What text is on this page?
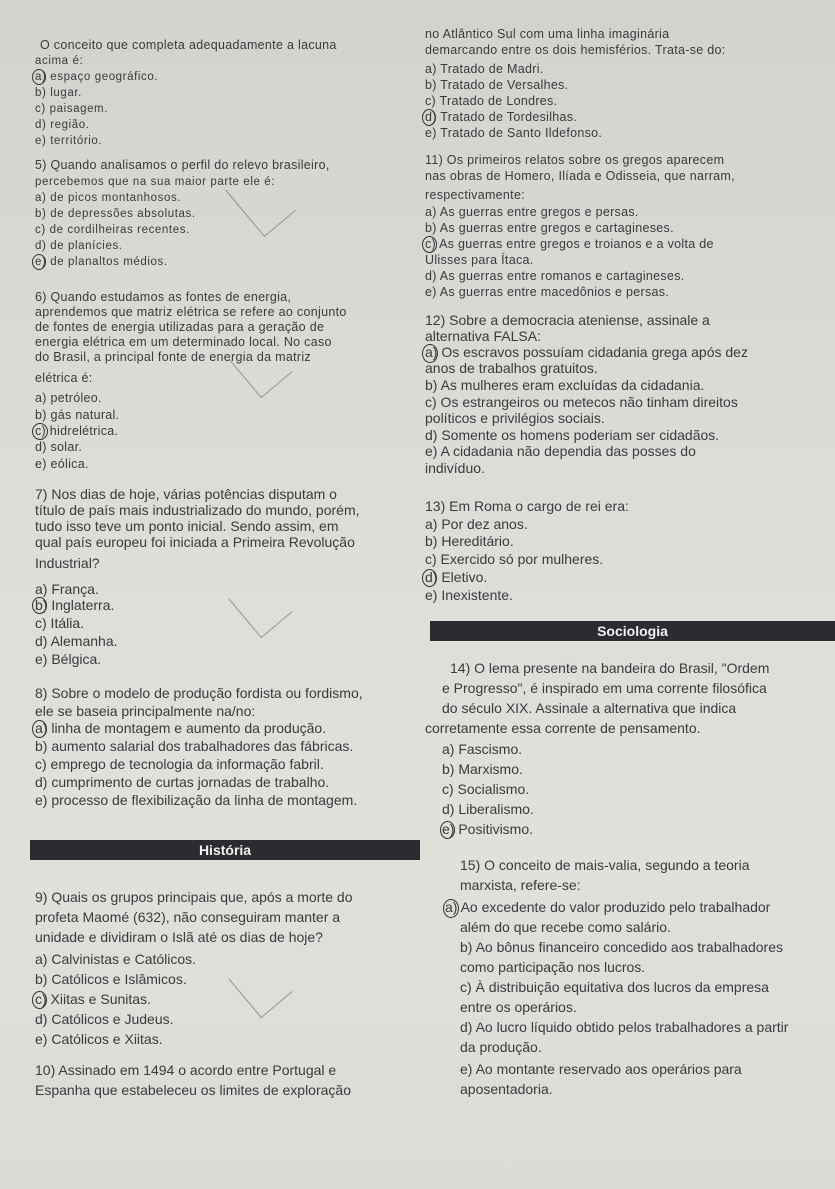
O conceito que completa adequadamente a lacuna
acima é:
a) espaço geográfico.
b) lugar.
c) paisagem.
d) região.
e) território.
5) Quando analisamos o perfil do relevo brasileiro,
percebemos que na sua maior parte ele é:
a) de picos montanhosos.
b) de depressões absolutas.
c) de cordilheiras recentes.
d) de planícies.
e) de planaltos médios.
6) Quando estudamos as fontes de energia,
aprendemos que matriz elétrica se refere ao conjunto
de fontes de energia utilizadas para a geração de
energia elétrica em um determinado local. No caso
do Brasil, a principal fonte de energia da matriz
elétrica é:
a) petróleo.
b) gás natural.
c) hidrelétrica.
d) solar.
e) eólica.
7) Nos dias de hoje, várias potências disputam o
título de país mais industrializado do mundo, porém,
tudo isso teve um ponto inicial. Sendo assim, em
qual país europeu foi iniciada a Primeira Revolução
Industrial?
a) França.
b) Inglaterra.
c) Itália.
d) Alemanha.
e) Bélgica.
8) Sobre o modelo de produção fordista ou fordismo,
ele se baseia principalmente na/no:
a) linha de montagem e aumento da produção.
b) aumento salarial dos trabalhadores das fábricas.
c) emprego de tecnologia da informação fabril.
d) cumprimento de curtas jornadas de trabalho.
e) processo de flexibilização da linha de montagem.
História
9) Quais os grupos principais que, após a morte do
profeta Maomé (632), não conseguiram manter a
unidade e dividiram o Islã até os dias de hoje?
a) Calvinistas e Católicos.
b) Católicos e Islâmicos.
c) Xiitas e Sunitas.
d) Católicos e Judeus.
e) Católicos e Xiitas.
10) Assinado em 1494 o acordo entre Portugal e
Espanha que estabeleceu os limites de exploração
no Atlântico Sul com uma linha imaginária
demarcando entre os dois hemisférios. Trata-se do:
a) Tratado de Madri.
b) Tratado de Versalhes.
c) Tratado de Londres.
d) Tratado de Tordesilhas.
e) Tratado de Santo Ildefonso.
11) Os primeiros relatos sobre os gregos aparecem
nas obras de Homero, Ilíada e Odisseia, que narram,
respectivamente:
a) As guerras entre gregos e persas.
b) As guerras entre gregos e cartagineses.
c) As guerras entre gregos e troianos e a volta de
Ulisses para Ítaca.
d) As guerras entre romanos e cartagineses.
e) As guerras entre macedônios e persas.
12) Sobre a democracia ateniense, assinale a
alternativa FALSA:
a) Os escravos possuíam cidadania grega após dez
anos de trabalhos gratuitos.
b) As mulheres eram excluídas da cidadania.
c) Os estrangeiros ou metecos não tinham direitos
políticos e privilégios sociais.
d) Somente os homens poderiam ser cidadãos.
e) A cidadania não dependia das posses do
indivíduo.
13) Em Roma o cargo de rei era:
a) Por dez anos.
b) Hereditário.
c) Exercido só por mulheres.
d) Eletivo.
e) Inexistente.
Sociologia
14) O lema presente na bandeira do Brasil, "Ordem
e Progresso", é inspirado em uma corrente filosófica
do século XIX. Assinale a alternativa que indica
corretamente essa corrente de pensamento.
a) Fascismo.
b) Marxismo.
c) Socialismo.
d) Liberalismo.
e) Positivismo.
15) O conceito de mais-valia, segundo a teoria
marxista, refere-se:
a) Ao excedente do valor produzido pelo trabalhador
além do que recebe como salário.
b) Ao bônus financeiro concedido aos trabalhadores
como participação nos lucros.
c) À distribuição equitativa dos lucros da empresa
entre os operários.
d) Ao lucro líquido obtido pelos trabalhadores a partir
da produção.
e) Ao montante reservado aos operários para
aposentadoria.
